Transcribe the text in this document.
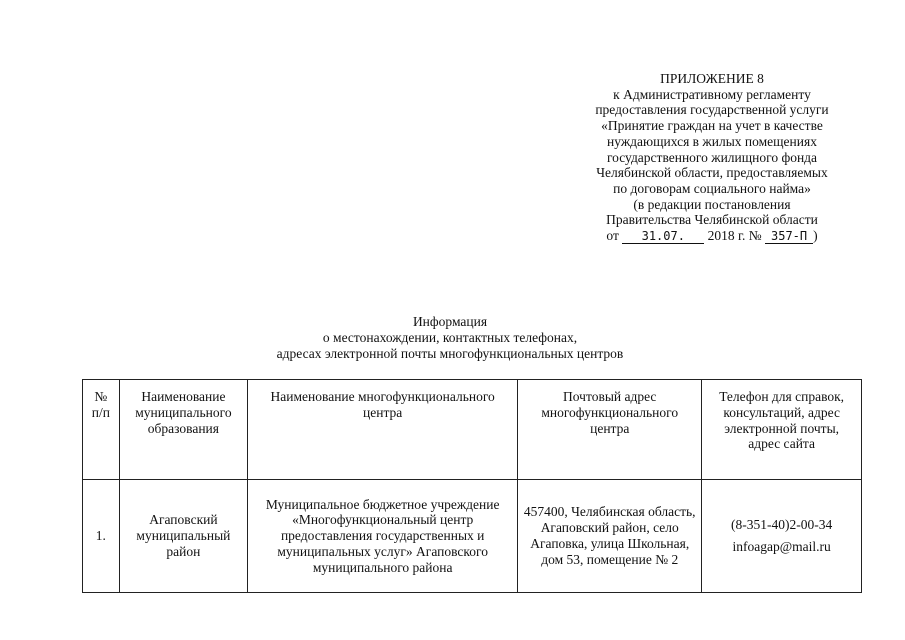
ПРИЛОЖЕНИЕ 8
к Административному регламенту
предоставления государственной услуги
«Принятие граждан на учет в качестве
нуждающихся в жилых помещениях
государственного жилищного фонда
Челябинской области, предоставляемых
по договорам социального найма»
(в редакции постановления
Правительства Челябинской области
от 31.07. 2018 г. № 357-П )
Информация
о местонахождении, контактных телефонах,
адресах электронной почты многофункциональных центров
№ п/п	Наименование муниципального образования	Наименование многофункционального центра	Почтовый адрес многофункционального центра	Телефон для справок, консультаций, адрес электронной почты, адрес сайта
1.	Агаповский муниципальный район	Муниципальное бюджетное учреждение «Многофункциональный центр предоставления государственных и муниципальных услуг» Агаповского муниципального района	457400, Челябинская область, Агаповский район, село Агаповка, улица Школьная, дом 53, помещение № 2	(8-351-40)2-00-34
infoagap@mail.ru
